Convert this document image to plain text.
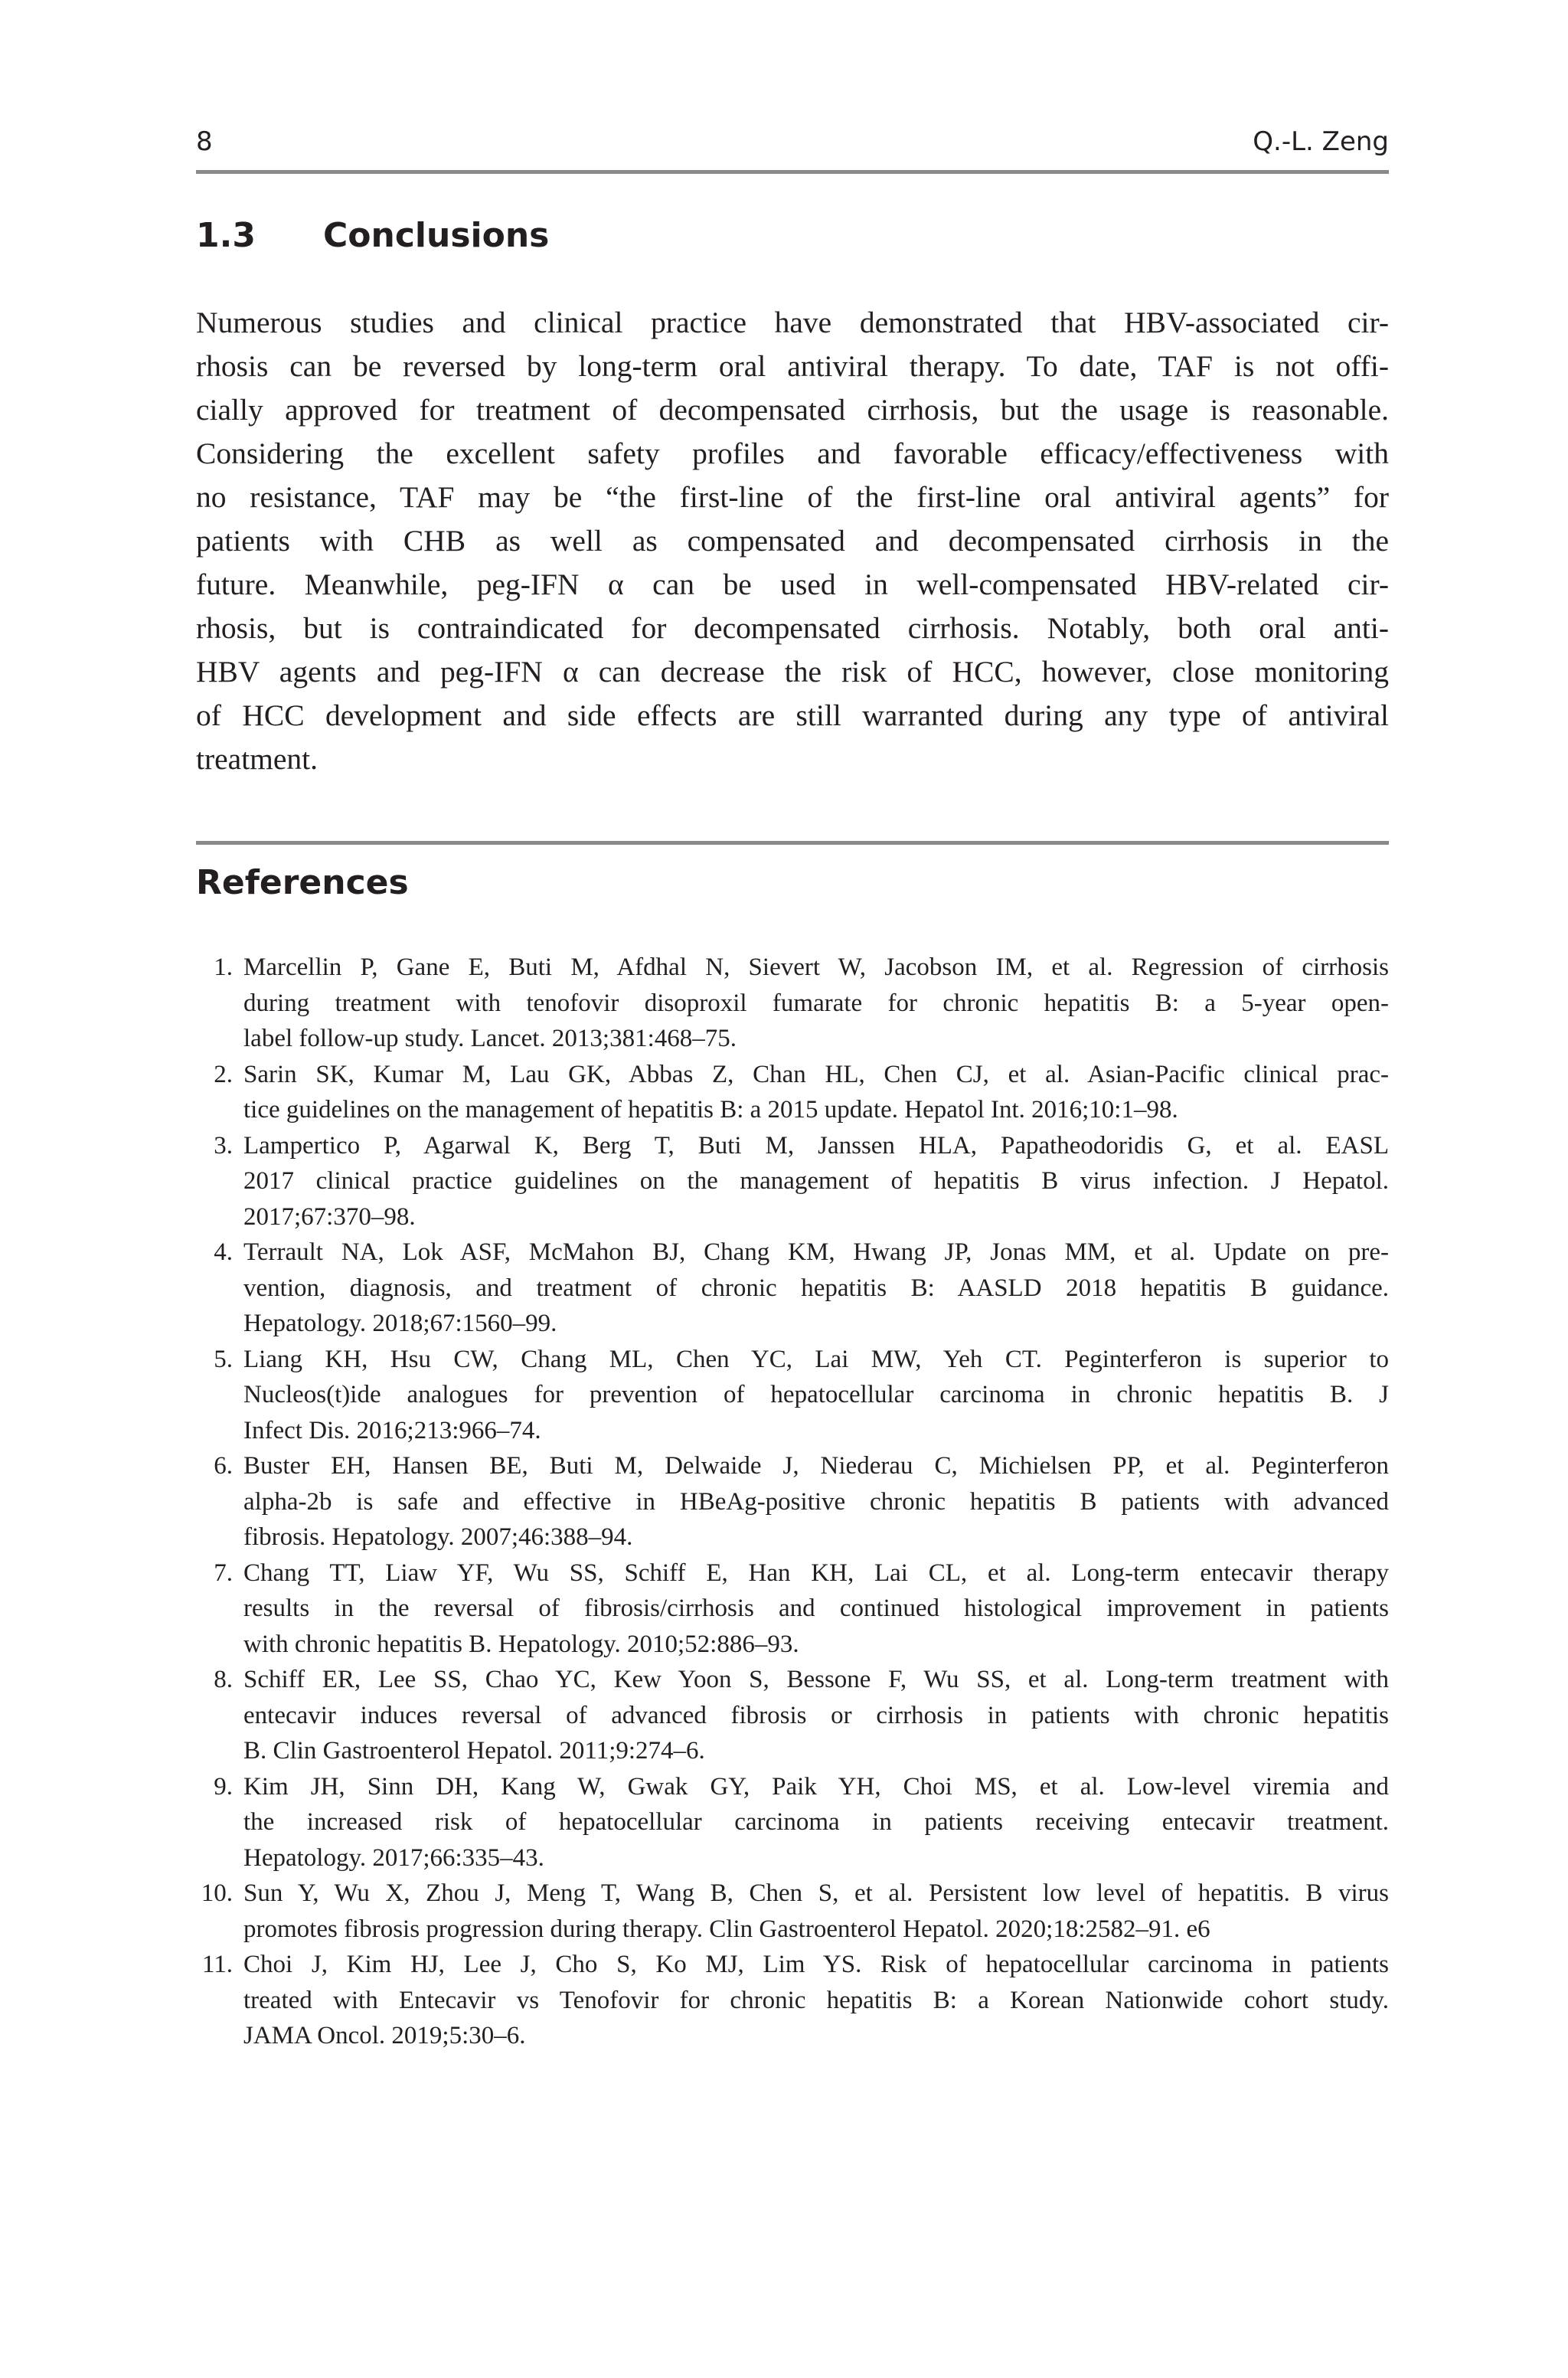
8	Q.-L. Zeng
1.3 Conclusions

Numerous studies and clinical practice have demonstrated that HBV-associated cir-
rhosis can be reversed by long-term oral antiviral therapy. To date, TAF is not offi-
cially approved for treatment of decompensated cirrhosis, but the usage is reasonable.
Considering the excellent safety profiles and favorable efficacy/effectiveness with
no resistance, TAF may be “the first-line of the first-line oral antiviral agents” for
patients with CHB as well as compensated and decompensated cirrhosis in the
future. Meanwhile, peg-IFN α can be used in well-compensated HBV-related cir-
rhosis, but is contraindicated for decompensated cirrhosis. Notably, both oral anti-
HBV agents and peg-IFN α can decrease the risk of HCC, however, close monitoring
of HCC development and side effects are still warranted during any type of antiviral
treatment.

References
1. Marcellin P, Gane E, Buti M, Afdhal N, Sievert W, Jacobson IM, et al. Regression of cirrhosis
during treatment with tenofovir disoproxil fumarate for chronic hepatitis B: a 5-year open-
label follow-up study. Lancet. 2013;381:468–75.
2. Sarin SK, Kumar M, Lau GK, Abbas Z, Chan HL, Chen CJ, et al. Asian-Pacific clinical prac-
tice guidelines on the management of hepatitis B: a 2015 update. Hepatol Int. 2016;10:1–98.
3. Lampertico P, Agarwal K, Berg T, Buti M, Janssen HLA, Papatheodoridis G, et al. EASL
2017 clinical practice guidelines on the management of hepatitis B virus infection. J Hepatol.
2017;67:370–98.
4. Terrault NA, Lok ASF, McMahon BJ, Chang KM, Hwang JP, Jonas MM, et al. Update on pre-
vention, diagnosis, and treatment of chronic hepatitis B: AASLD 2018 hepatitis B guidance.
Hepatology. 2018;67:1560–99.
5. Liang KH, Hsu CW, Chang ML, Chen YC, Lai MW, Yeh CT. Peginterferon is superior to
Nucleos(t)ide analogues for prevention of hepatocellular carcinoma in chronic hepatitis B. J
Infect Dis. 2016;213:966–74.
6. Buster EH, Hansen BE, Buti M, Delwaide J, Niederau C, Michielsen PP, et al. Peginterferon
alpha-2b is safe and effective in HBeAg-positive chronic hepatitis B patients with advanced
fibrosis. Hepatology. 2007;46:388–94.
7. Chang TT, Liaw YF, Wu SS, Schiff E, Han KH, Lai CL, et al. Long-term entecavir therapy
results in the reversal of fibrosis/cirrhosis and continued histological improvement in patients
with chronic hepatitis B. Hepatology. 2010;52:886–93.
8. Schiff ER, Lee SS, Chao YC, Kew Yoon S, Bessone F, Wu SS, et al. Long-term treatment with
entecavir induces reversal of advanced fibrosis or cirrhosis in patients with chronic hepatitis
B. Clin Gastroenterol Hepatol. 2011;9:274–6.
9. Kim JH, Sinn DH, Kang W, Gwak GY, Paik YH, Choi MS, et al. Low-level viremia and
the increased risk of hepatocellular carcinoma in patients receiving entecavir treatment.
Hepatology. 2017;66:335–43.
10. Sun Y, Wu X, Zhou J, Meng T, Wang B, Chen S, et al. Persistent low level of hepatitis. B virus
promotes fibrosis progression during therapy. Clin Gastroenterol Hepatol. 2020;18:2582–91. e6
11. Choi J, Kim HJ, Lee J, Cho S, Ko MJ, Lim YS. Risk of hepatocellular carcinoma in patients
treated with Entecavir vs Tenofovir for chronic hepatitis B: a Korean Nationwide cohort study.
JAMA Oncol. 2019;5:30–6.
